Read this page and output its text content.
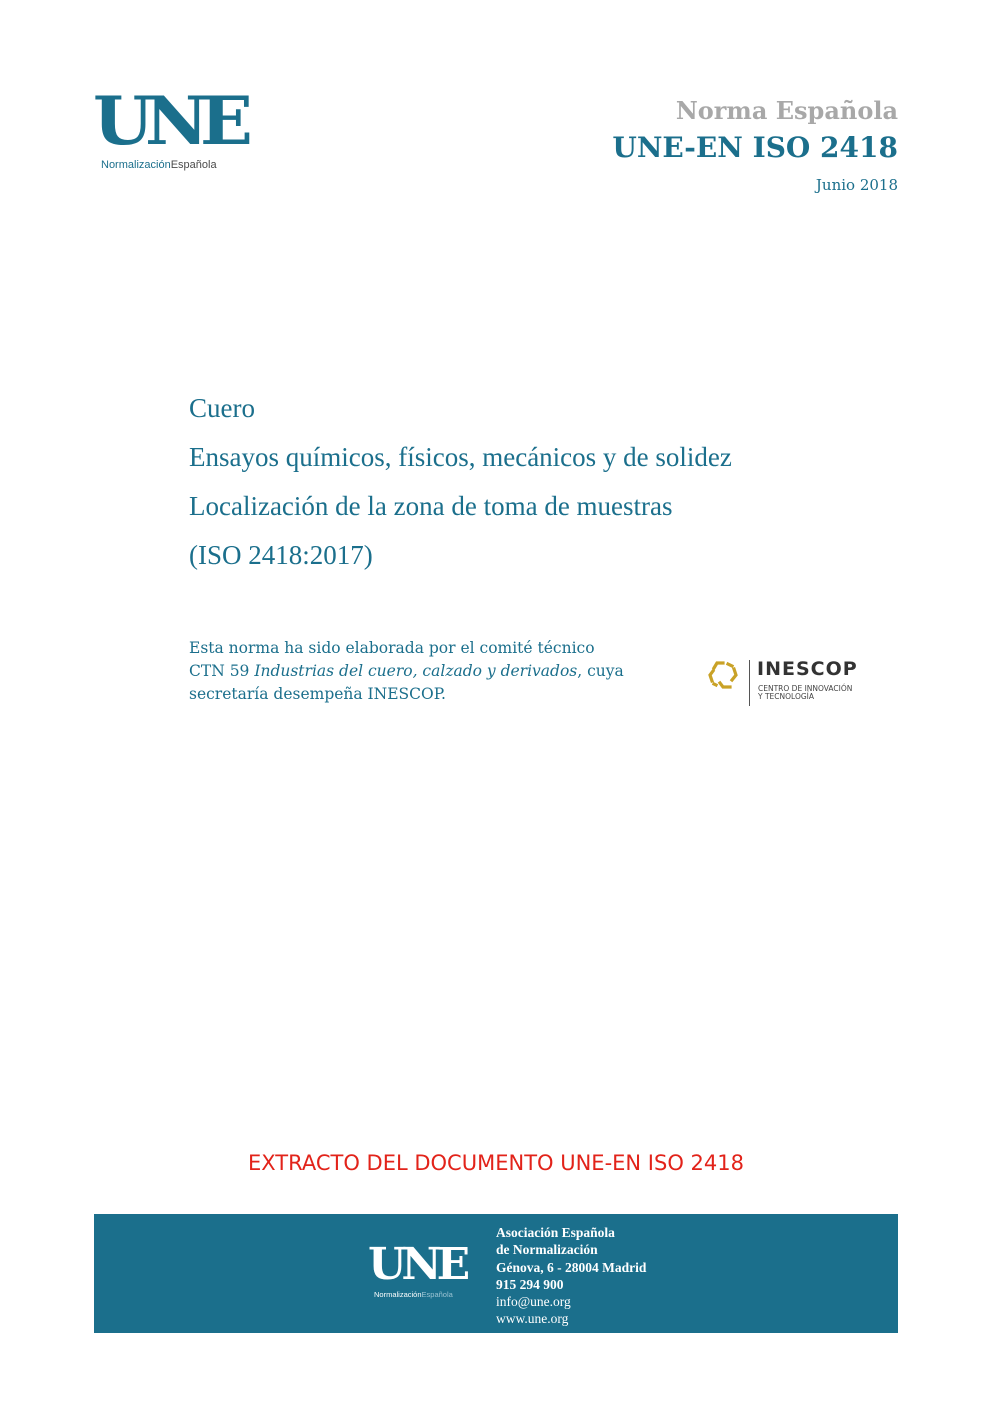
UNE
NormalizaciónEspañola
Norma Española
UNE-EN ISO 2418
Junio 2018
Cuero
Ensayos químicos, físicos, mecánicos y de solidez
Localización de la zona de toma de muestras
(ISO 2418:2017)
Esta norma ha sido elaborada por el comité técnico
CTN 59 Industrias del cuero, calzado y derivados, cuya
secretaría desempeña INESCOP.
INESCOP
CENTRO DE INNOVACIÓN
Y TECNOLOGÍA
EXTRACTO DEL DOCUMENTO UNE-EN ISO 2418
UNE
NormalizaciónEspañola
Asociación Española
de Normalización
Génova, 6 - 28004 Madrid
915 294 900
info@une.org
www.une.org
